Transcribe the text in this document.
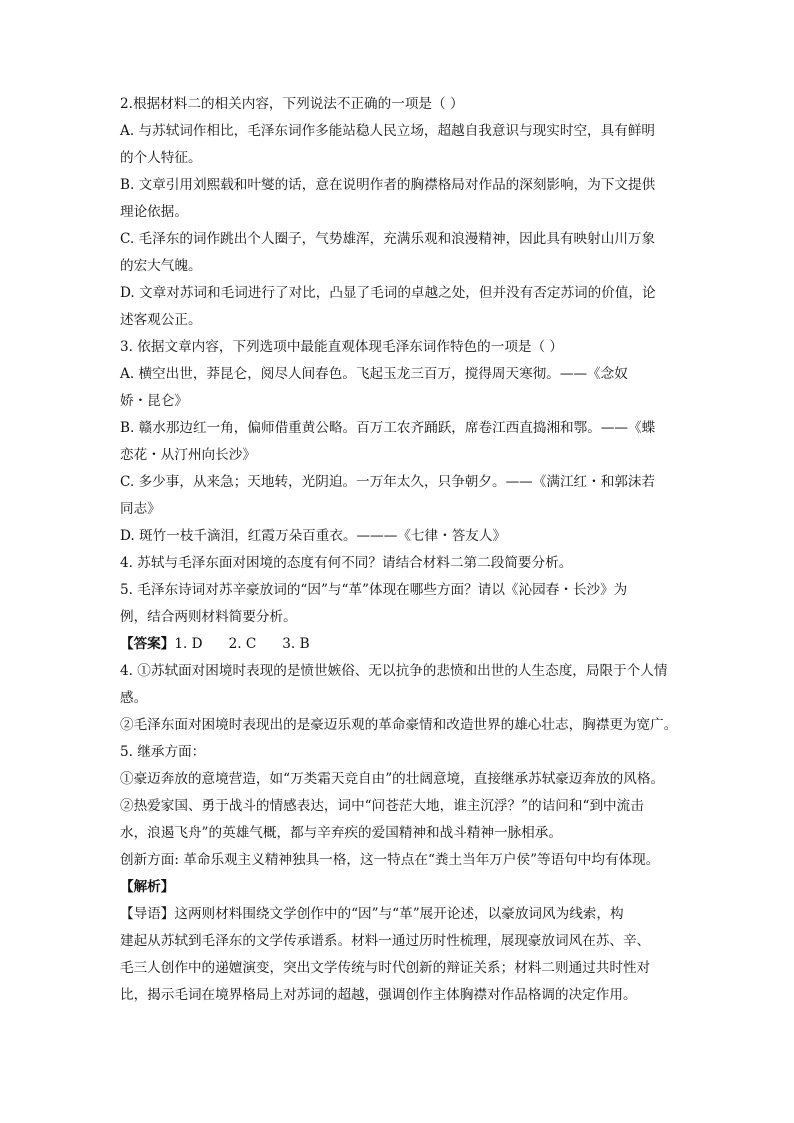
2.根据材料二的相关内容，下列说法不正确的一项是（ ）

A. 与苏轼词作相比，毛泽东词作多能站稳人民立场，超越自我意识与现实时空，具有鲜明

的个人特征。

B. 文章引用刘熙载和叶燮的话，意在说明作者的胸襟格局对作品的深刻影响，为下文提供

理论依据。

C. 毛泽东的词作跳出个人圈子，气势雄浑，充满乐观和浪漫精神，因此具有映射山川万象

的宏大气魄。

D. 文章对苏词和毛词进行了对比，凸显了毛词的卓越之处，但并没有否定苏词的价值，论

述客观公正。

3. 依据文章内容，下列选项中最能直观体现毛泽东词作特色的一项是（ ）

A. 横空出世，莽昆仑，阅尽人间春色。飞起玉龙三百万，搅得周天寒彻。——《念奴

娇・昆仑》

B. 赣水那边红一角，偏师借重黄公略。百万工农齐踊跃，席卷江西直捣湘和鄂。——《蝶

恋花・从汀州向长沙》

C. 多少事，从来急；天地转，光阴迫。一万年太久，只争朝夕。——《满江红・和郭沫若

同志》

D. 斑竹一枝千滴泪，红霞万朵百重衣。———《七律・答友人》

4. 苏轼与毛泽东面对困境的态度有何不同？请结合材料二第二段简要分析。

5. 毛泽东诗词对苏辛豪放词的“因”与“革”体现在哪些方面？请以《沁园春・长沙》为

例，结合两则材料简要分析。

【答案】1. D 2. C 3. B

4. ①苏轼面对困境时表现的是愤世嫉俗、无以抗争的悲愤和出世的人生态度，局限于个人情

感。

②毛泽东面对困境时表现出的是豪迈乐观的革命豪情和改造世界的雄心壮志，胸襟更为宽广。

5. 继承方面：

①豪迈奔放的意境营造，如“万类霜天竞自由”的壮阔意境，直接继承苏轼豪迈奔放的风格。

②热爱家国、勇于战斗的情感表达，词中“问苍茫大地，谁主沉浮？”的诘问和“到中流击

水，浪遏飞舟”的英雄气概，都与辛弃疾的爱国精神和战斗精神一脉相承。

创新方面: 革命乐观主义精神独具一格，这一特点在“粪土当年万户侯”等语句中均有体现。

【解析】

【导语】这两则材料围绕文学创作中的“因”与“革”展开论述，以豪放词风为线索，构

建起从苏轼到毛泽东的文学传承谱系。材料一通过历时性梳理，展现豪放词风在苏、辛、

毛三人创作中的递嬗演变，突出文学传统与时代创新的辩证关系；材料二则通过共时性对

比，揭示毛词在境界格局上对苏词的超越，强调创作主体胸襟对作品格调的决定作用。
